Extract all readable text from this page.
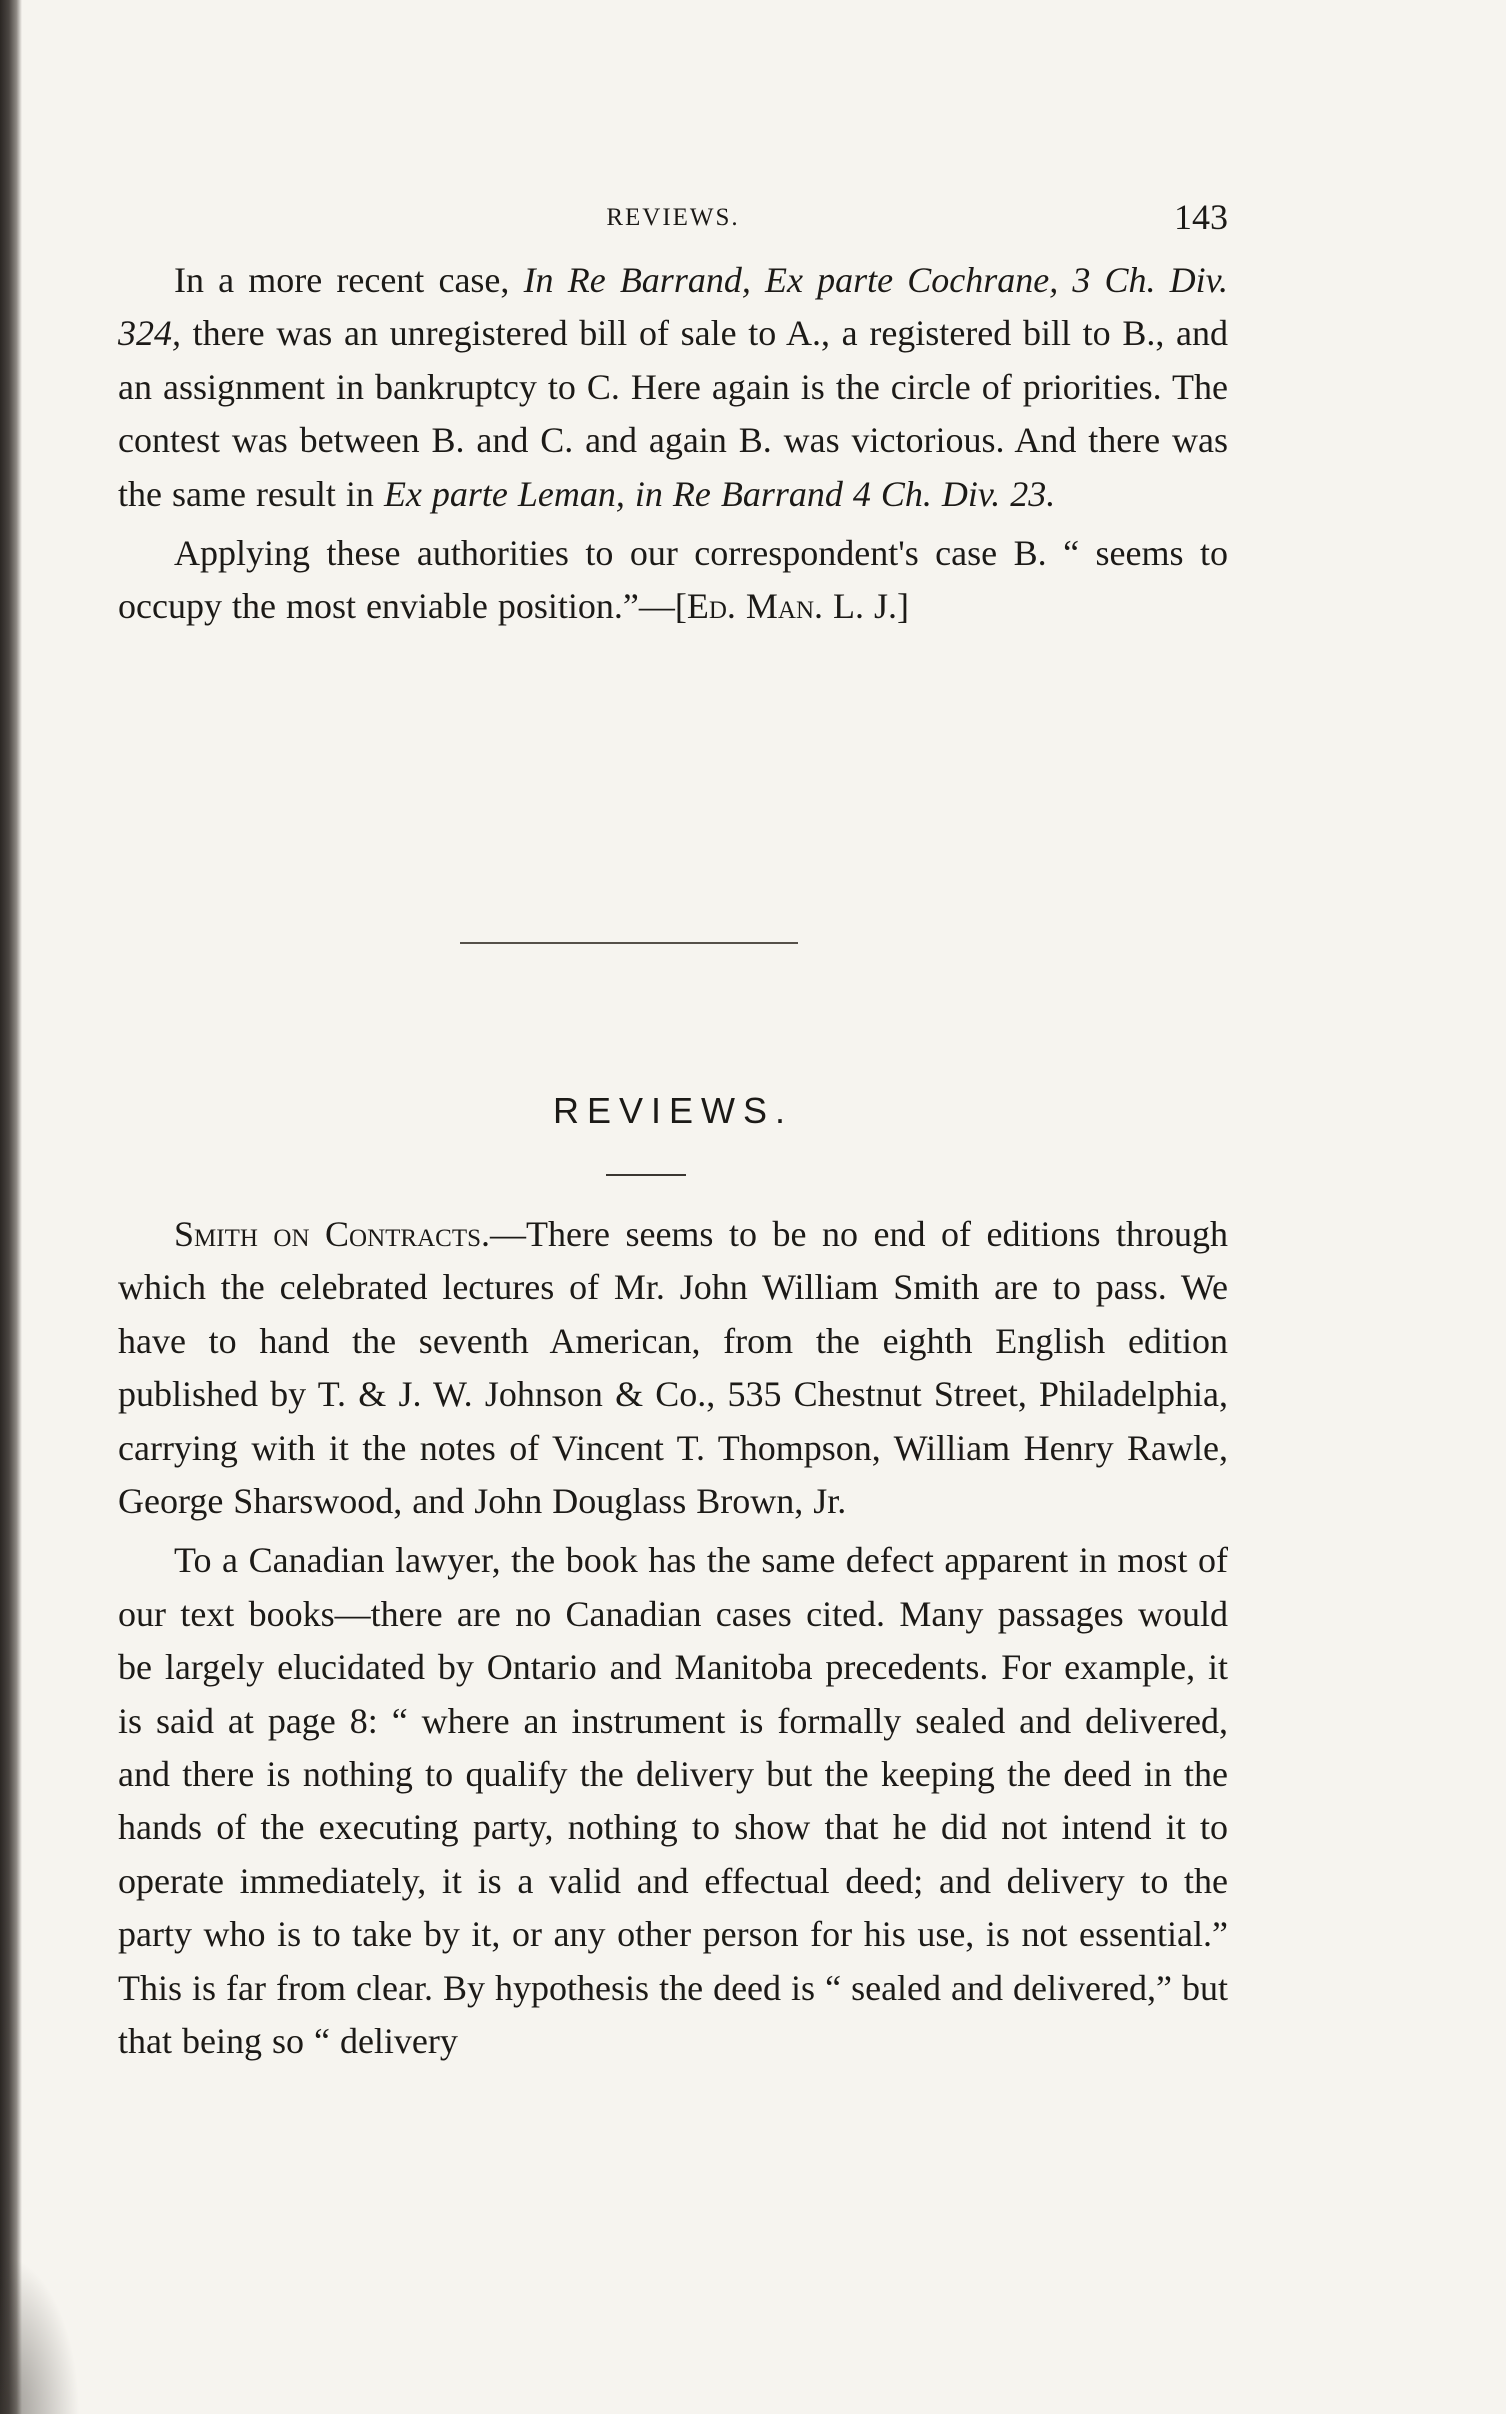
REVIEWS.	143

In a more recent case, In Re Barrand, Ex parte Cochrane, 3 Ch. Div. 324, there was an unregistered bill of sale to A., a registered bill to B., and an assignment in bankruptcy to C. Here again is the circle of priorities. The contest was between B. and C. and again B. was victorious. And there was the same result in Ex parte Leman, in Re Barrand 4 Ch. Div. 23.

Applying these authorities to our correspondent's case B. “ seems to occupy the most enviable position.”—[Ed. Man. L. J.]

REVIEWS.

Smith on Contracts.—There seems to be no end of editions through which the celebrated lectures of Mr. John William Smith are to pass. We have to hand the seventh American, from the eighth English edition published by T. & J. W. Johnson & Co., 535 Chestnut Street, Philadelphia, carrying with it the notes of Vincent T. Thompson, William Henry Rawle, George Sharswood, and John Douglass Brown, Jr.

To a Canadian lawyer, the book has the same defect apparent in most of our text books—there are no Canadian cases cited. Many passages would be largely elucidated by Ontario and Manitoba precedents. For example, it is said at page 8: “ where an instrument is formally sealed and delivered, and there is nothing to qualify the delivery but the keeping the deed in the hands of the executing party, nothing to show that he did not intend it to operate immediately, it is a valid and effectual deed; and delivery to the party who is to take by it, or any other person for his use, is not essential.” This is far from clear. By hypothesis the deed is “ sealed and delivered,” but that being so “ delivery
